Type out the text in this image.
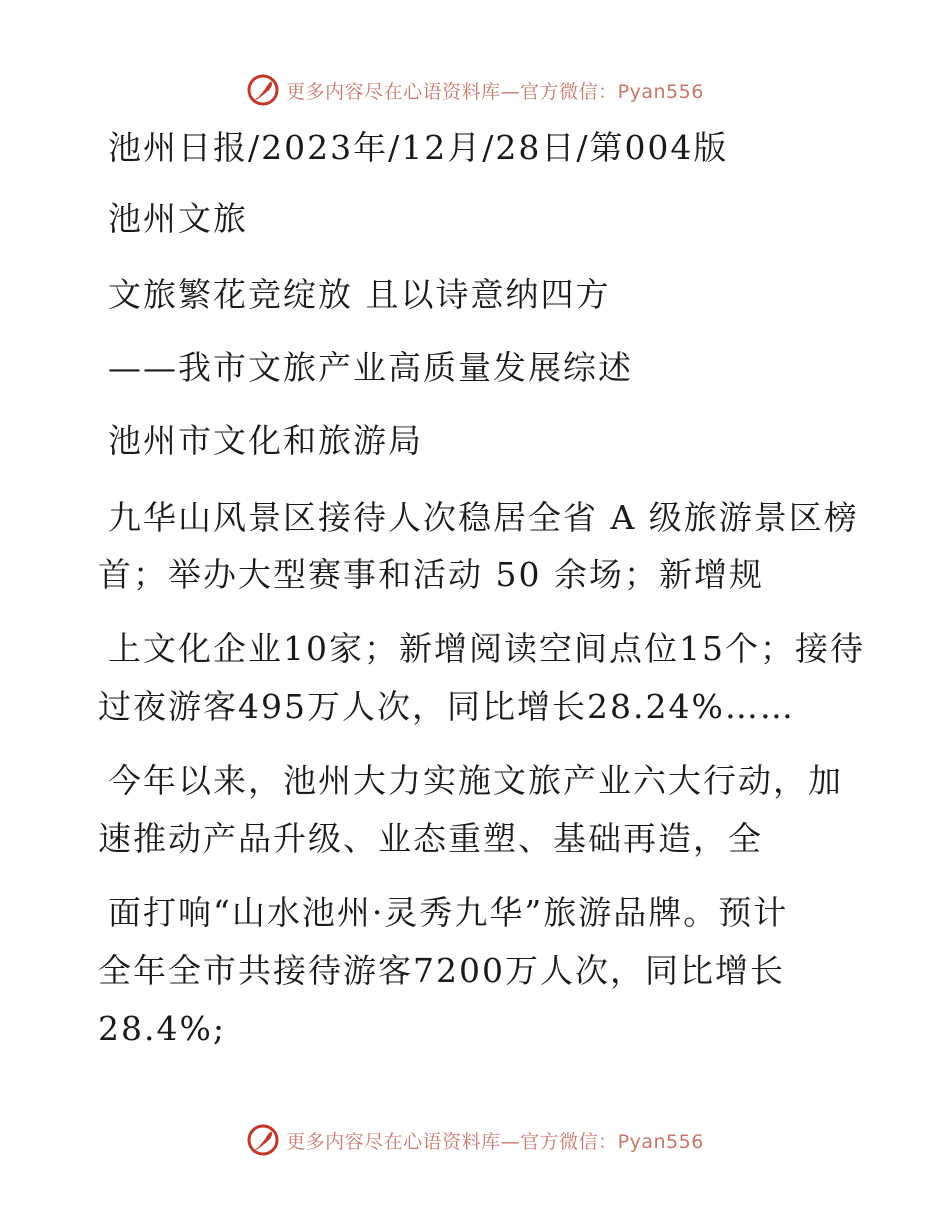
更多内容尽在心语资料库—官方微信：Pyan556
池州日报/2023年/12月/28日/第004版
池州文旅
文旅繁花竞绽放 且以诗意纳四方
——我市文旅产业高质量发展综述
池州市文化和旅游局
九华山风景区接待人次稳居全省 A 级旅游景区榜
首；举办大型赛事和活动 50 余场；新增规
上文化企业10家；新增阅读空间点位15个；接待
过夜游客495万人次，同比增长28.24%……
今年以来，池州大力实施文旅产业六大行动，加
速推动产品升级、业态重塑、基础再造，全
面打响“山水池州·灵秀九华”旅游品牌。预计
全年全市共接待游客7200万人次，同比增长
28.4%;
更多内容尽在心语资料库—官方微信：Pyan556
